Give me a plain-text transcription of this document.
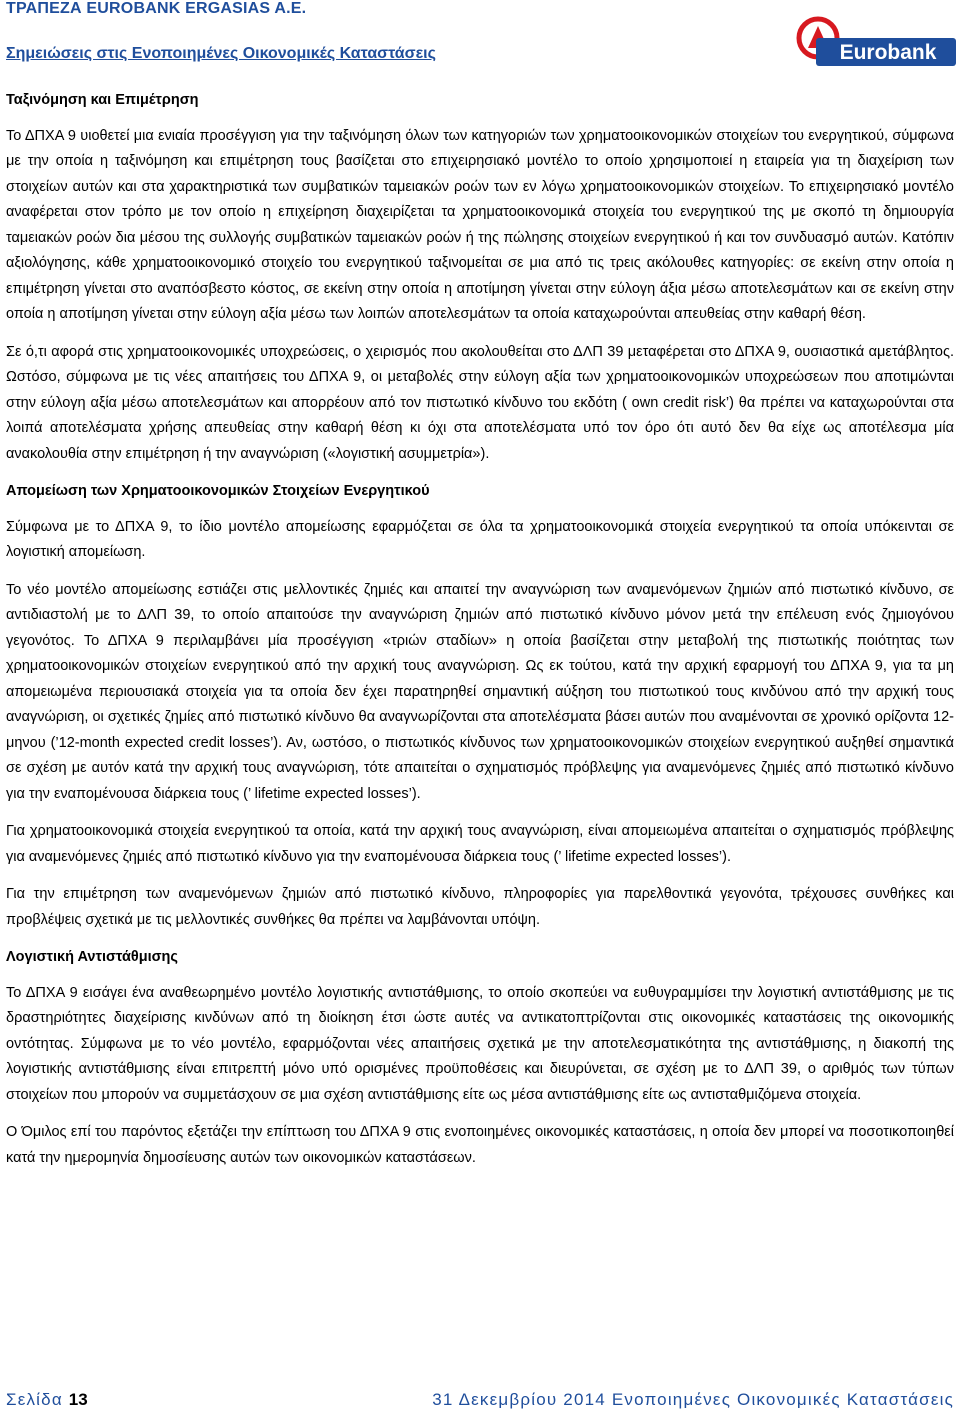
ΤΡΑΠΕΖΑ EUROBANK ERGASIAS A.E.
Σημειώσεις στις Ενοποιημένες Οικονομικές Καταστάσεις	Eurobank
Ταξινόμηση και Επιμέτρηση

Το ΔΠΧΑ 9 υιοθετεί μια ενιαία προσέγγιση για την ταξινόμηση όλων των κατηγοριών των χρηματοοικονομικών στοιχείων του ενεργητικού, σύμφωνα με την οποία η ταξινόμηση και επιμέτρηση τους βασίζεται στο επιχειρησιακό μοντέλο το οποίο χρησιμοποιεί η εταιρεία για τη διαχείριση των στοιχείων αυτών και στα χαρακτηριστικά των συμβατικών ταμειακών ροών των εν λόγω χρηματοοικονομικών στοιχείων. Το επιχειρησιακό μοντέλο αναφέρεται στον τρόπο με τον οποίο η επιχείρηση διαχειρίζεται τα χρηματοοικονομικά στοιχεία του ενεργητικού της με σκοπό τη δημιουργία ταμειακών ροών δια μέσου της συλλογής συμβατικών ταμειακών ροών ή της πώλησης στοιχείων ενεργητικού ή και τον συνδυασμό αυτών. Κατόπιν αξιολόγησης, κάθε χρηματοοικονομικό στοιχείο του ενεργητικού ταξινομείται σε μια από τις τρεις ακόλουθες κατηγορίες: σε εκείνη στην οποία η επιμέτρηση γίνεται στο αναπόσβεστο κόστος, σε εκείνη στην οποία η αποτίμηση γίνεται στην εύλογη άξια μέσω αποτελεσμάτων και σε εκείνη στην οποία η αποτίμηση γίνεται στην εύλογη αξία μέσω των λοιπών αποτελεσμάτων τα οποία καταχωρούνται απευθείας στην καθαρή θέση.

Σε ό,τι αφορά στις χρηματοοικονομικές υποχρεώσεις, ο χειρισμός που ακολουθείται στο ΔΛΠ 39 μεταφέρεται στο ΔΠΧΑ 9, ουσιαστικά αμετάβλητος. Ωστόσο, σύμφωνα με τις νέες απαιτήσεις του ΔΠΧΑ 9, οι μεταβολές στην εύλογη αξία των χρηματοοικονομικών υποχρεώσεων που αποτιμώνται στην εύλογη αξία μέσω αποτελεσμάτων και απορρέουν από τον πιστωτικό κίνδυνο του εκδότη ( own credit risk’) θα πρέπει να καταχωρούνται στα λοιπά αποτελέσματα χρήσης απευθείας στην καθαρή θέση κι όχι στα αποτελέσματα υπό τον όρο ότι αυτό δεν θα είχε ως αποτέλεσμα μία ανακολουθία στην επιμέτρηση ή την αναγνώριση («λογιστική ασυμμετρία»).

Απομείωση των Χρηματοοικονομικών Στοιχείων Ενεργητικού

Σύμφωνα με το ΔΠΧΑ 9, το ίδιο μοντέλο απομείωσης εφαρμόζεται σε όλα τα χρηματοοικονομικά στοιχεία ενεργητικού τα οποία υπόκεινται σε λογιστική απομείωση.

Το νέο μοντέλο απομείωσης εστιάζει στις μελλοντικές ζημιές και απαιτεί την αναγνώριση των αναμενόμενων ζημιών από πιστωτικό κίνδυνο, σε αντιδιαστολή με το ΔΛΠ 39, το οποίο απαιτούσε την αναγνώριση ζημιών από πιστωτικό κίνδυνο μόνον μετά την επέλευση ενός ζημιογόνου γεγονότος. Το ΔΠΧΑ 9 περιλαμβάνει μία προσέγγιση «τριών σταδίων» η οποία βασίζεται στην μεταβολή της πιστωτικής ποιότητας των χρηματοοικονομικών στοιχείων ενεργητικού από την αρχική τους αναγνώριση. Ως εκ τούτου, κατά την αρχική εφαρμογή του ΔΠΧΑ 9, για τα μη απομειωμένα περιουσιακά στοιχεία για τα οποία δεν έχει παρατηρηθεί σημαντική αύξηση του πιστωτικού τους κινδύνου από την αρχική τους αναγνώριση, οι σχετικές ζημίες από πιστωτικό κίνδυνο θα αναγνωρίζονται στα αποτελέσματα βάσει αυτών που αναμένονται σε χρονικό ορίζοντα 12-μηνου (’12-month expected credit losses’). Αν, ωστόσο, ο πιστωτικός κίνδυνος των χρηματοοικονομικών στοιχείων ενεργητικού αυξηθεί σημαντικά σε σχέση με αυτόν κατά την αρχική τους αναγνώριση, τότε απαιτείται ο σχηματισμός πρόβλεψης για αναμενόμενες ζημιές από πιστωτικό κίνδυνο για την εναπομένουσα διάρκεια τους (’ lifetime expected losses’).

Για χρηματοοικονομικά στοιχεία ενεργητικού τα οποία, κατά την αρχική τους αναγνώριση, είναι απομειωμένα απαιτείται ο σχηματισμός πρόβλεψης για αναμενόμενες ζημιές από πιστωτικό κίνδυνο για την εναπομένουσα διάρκεια τους (’ lifetime expected losses’).

Για την επιμέτρηση των αναμενόμενων ζημιών από πιστωτικό κίνδυνο, πληροφορίες για παρελθοντικά γεγονότα, τρέχουσες συνθήκες και προβλέψεις σχετικά με τις μελλοντικές συνθήκες θα πρέπει να λαμβάνονται υπόψη.

Λογιστική Αντιστάθμισης

Το ΔΠΧΑ 9 εισάγει ένα αναθεωρημένο μοντέλο λογιστικής αντιστάθμισης, το οποίο σκοπεύει να ευθυγραμμίσει την λογιστική αντιστάθμισης με τις δραστηριότητες διαχείρισης κινδύνων από τη διοίκηση έτσι ώστε αυτές να αντικατοπτρίζονται στις οικονομικές καταστάσεις της οικονομικής οντότητας. Σύμφωνα με το νέο μοντέλο, εφαρμόζονται νέες απαιτήσεις σχετικά με την αποτελεσματικότητα της αντιστάθμισης, η διακοπή της λογιστικής αντιστάθμισης είναι επιτρεπτή μόνο υπό ορισμένες προϋποθέσεις και διευρύνεται, σε σχέση με το ΔΛΠ 39, ο αριθμός των τύπων στοιχείων που μπορούν να συμμετάσχουν σε μια σχέση αντιστάθμισης είτε ως μέσα αντιστάθμισης είτε ως αντισταθμιζόμενα στοιχεία.

Ο Όμιλος επί του παρόντος εξετάζει την επίπτωση του ΔΠΧΑ 9 στις ενοποιημένες οικονομικές καταστάσεις, η οποία δεν μπορεί να ποσοτικοποιηθεί κατά την ημερομηνία δημοσίευσης αυτών των οικονομικών καταστάσεων.

Σελίδα 13	31 Δεκεμβρίου 2014 Ενοποιημένες Οικονομικές Καταστάσεις
